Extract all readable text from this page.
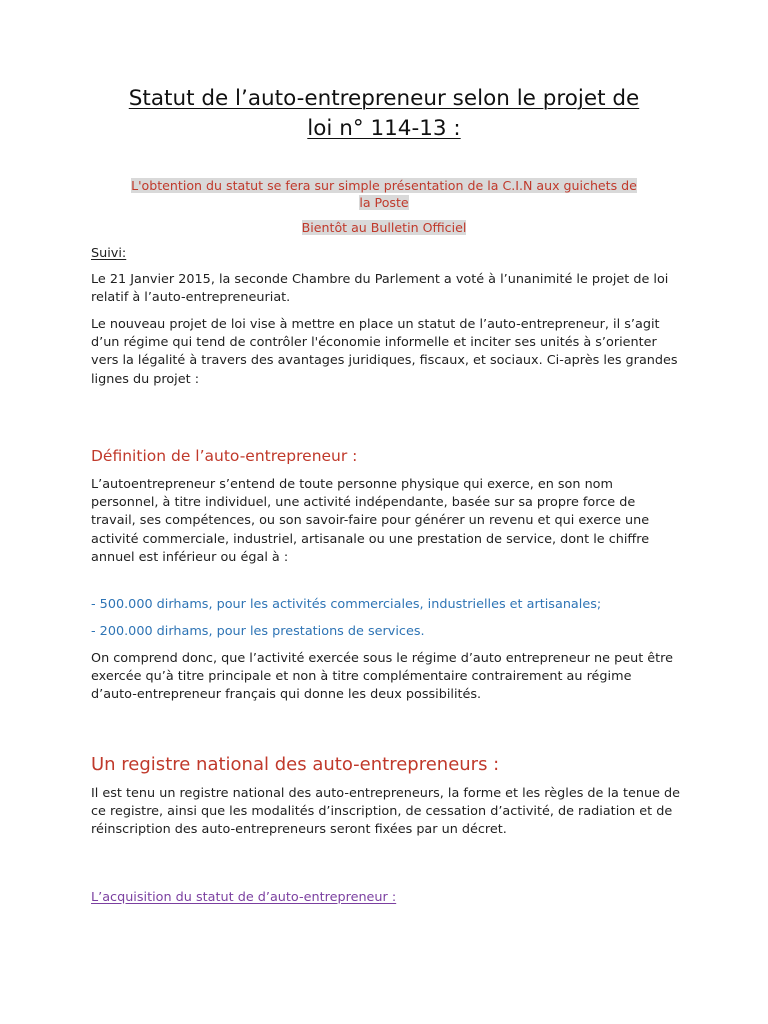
Statut de l’auto-entrepreneur selon le projet de
loi n° 114-13 :
L'obtention du statut se fera sur simple présentation de la C.I.N aux guichets de
la Poste
Bientôt au Bulletin Officiel

Suivi:

Le 21 Janvier 2015, la seconde Chambre du Parlement a voté à l’unanimité le projet de loi relatif à l’auto-entrepreneuriat.

Le nouveau projet de loi vise à mettre en place un statut de l’auto-entrepreneur, il s’agit d’un régime qui tend de contrôler l'économie informelle et inciter ses unités à s’orienter vers la légalité à travers des avantages juridiques, fiscaux, et sociaux. Ci-après les grandes lignes du projet :

Définition de l’auto-entrepreneur :

L’autoentrepreneur s’entend de toute personne physique qui exerce, en son nom personnel, à titre individuel, une activité indépendante, basée sur sa propre force de travail, ses compétences, ou son savoir-faire pour générer un revenu et qui exerce une activité commerciale, industriel, artisanale ou une prestation de service, dont le chiffre annuel est inférieur ou égal à :

- 500.000 dirhams, pour les activités commerciales, industrielles et artisanales;

- 200.000 dirhams, pour les prestations de services.

On comprend donc, que l’activité exercée sous le régime d’auto entrepreneur ne peut être exercée qu’à titre principale et non à titre complémentaire contrairement au régime d’auto-entrepreneur français qui donne les deux possibilités.

Un registre national des auto-entrepreneurs :

Il est tenu un registre national des auto-entrepreneurs, la forme et les règles de la tenue de ce registre, ainsi que les modalités d’inscription, de cessation d’activité, de radiation et de réinscription des auto-entrepreneurs seront fixées par un décret.

L’acquisition du statut de d’auto-entrepreneur :
